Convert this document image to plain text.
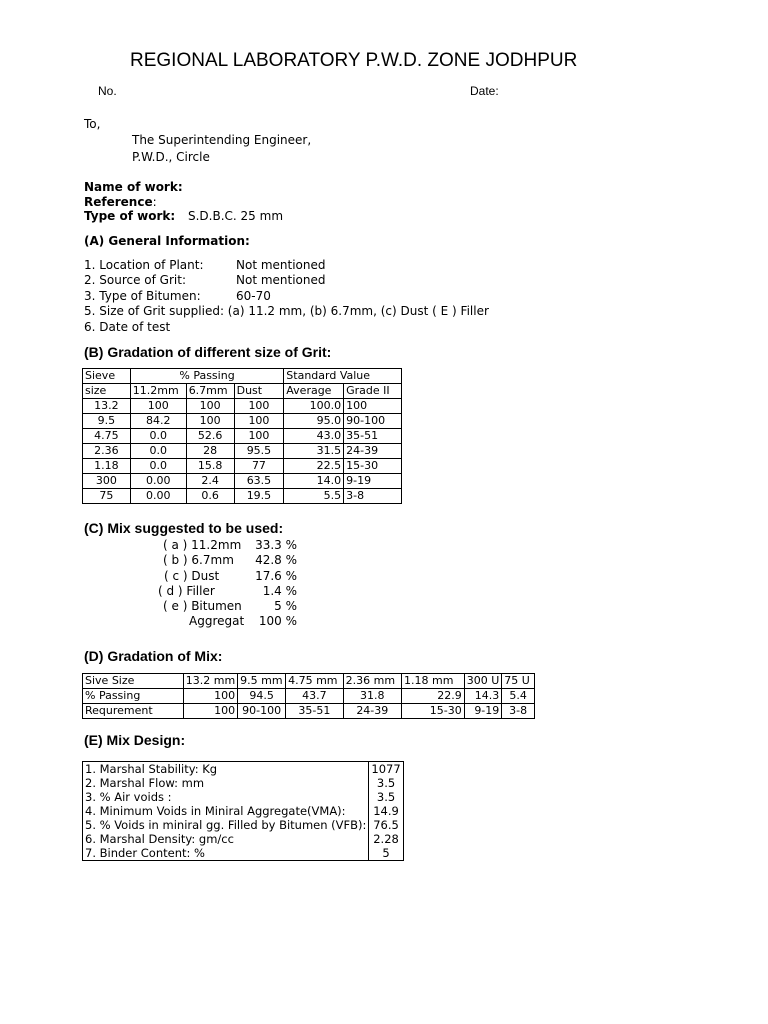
REGIONAL LABORATORY P.W.D. ZONE JODHPUR
No.	Date:
To,
The Superintending Engineer,
P.W.D., Circle
Name of work:
Reference:
Type of work: S.D.B.C. 25 mm
(A) General Information:
1. Location of Plant:	Not mentioned
2. Source of Grit:	Not mentioned
3. Type of Bitumen:	60-70
5. Size of Grit supplied: (a) 11.2 mm, (b) 6.7mm, (c) Dust ( E ) Filler
6. Date of test
(B) Gradation of different size of Grit:
Sieve	% Passing			Standard Value	
size	11.2mm	6.7mm	Dust	Average	Grade II
13.2	100	100	100	100.0	100
9.5	84.2	100	100	95.0	90-100
4.75	0.0	52.6	100	43.0	35-51
2.36	0.0	28	95.5	31.5	24-39
1.18	0.0	15.8	77	22.5	15-30
300	0.00	2.4	63.5	14.0	9-19
75	0.00	0.6	19.5	5.5	3-8
(C) Mix suggested to be used:
( a ) 11.2mm 33.3 %
( b ) 6.7mm 42.8 %
( c ) Dust	17.6 %
( d ) Filler	1.4 %
( e ) Bitumen	5 %
Aggregat 100 %
(D) Gradation of Mix:
Sive Size	13.2 mm	9.5 mm	4.75 mm	2.36 mm	1.18 mm	300 U	75 U
% Passing	100	94.5	43.7	31.8	22.9	14.3	5.4
Requrement	100	90-100	35-51	24-39	15-30	9-19	3-8
(E) Mix Design:
1. Marshal Stability: Kg	1077
2. Marshal Flow: mm	3.5
3. % Air voids :	3.5
4. Minimum Voids in Miniral Aggregate(VMA):	14.9
5. % Voids in miniral gg. Filled by Bitumen (VFB):	76.5
6. Marshal Density: gm/cc	2.28
7. Binder Content: %	5
